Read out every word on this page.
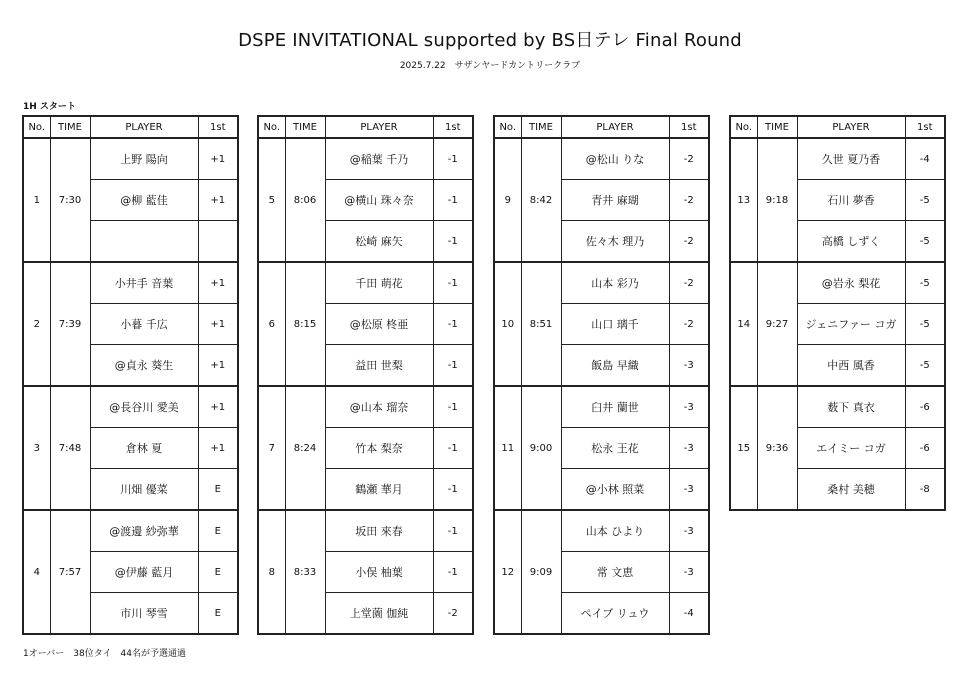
DSPE INVITATIONAL supported by BS日テレ Final Round
2025.7.22　サザンヤードカントリークラブ
1H スタート
No.	TIME	PLAYER	1st
1	7:30	上野 陽向	+1
		@柳 藍佳	+1

2	7:39	小井手 音葉	+1
		小暮 千広	+1
		@貞永 葵生	+1
3	7:48	@長谷川 愛美	+1
		倉林 夏	+1
		川畑 優菜	E
4	7:57	@渡邊 紗弥華	E
		@伊藤 藍月	E
		市川 琴雪	E
No.	TIME	PLAYER	1st
5	8:06	@稲葉 千乃	-1
		@横山 珠々奈	-1
		松崎 麻矢	-1
6	8:15	千田 萌花	-1
		@松原 柊亜	-1
		益田 世梨	-1
7	8:24	@山本 瑠奈	-1
		竹本 梨奈	-1
		鶴瀬 華月	-1
8	8:33	坂田 來春	-1
		小俣 柚葉	-1
		上堂薗 伽純	-2
No.	TIME	PLAYER	1st
9	8:42	@松山 りな	-2
		青井 麻瑚	-2
		佐々木 理乃	-2
10	8:51	山本 彩乃	-2
		山口 璃千	-2
		飯島 早織	-3
11	9:00	臼井 蘭世	-3
		松永 王花	-3
		@小林 照菜	-3
12	9:09	山本 ひより	-3
		常 文恵	-3
		ペイブ リュウ	-4
No.	TIME	PLAYER	1st
13	9:18	久世 夏乃香	-4
		石川 夢香	-5
		高橋 しずく	-5
14	9:27	@岩永 梨花	-5
		ジェニファー コガ	-5
		中西 風香	-5
15	9:36	薮下 真衣	-6
		エイミー コガ	-6
		桑村 美穂	-8
1オーバー　38位タイ　44名が予選通過
